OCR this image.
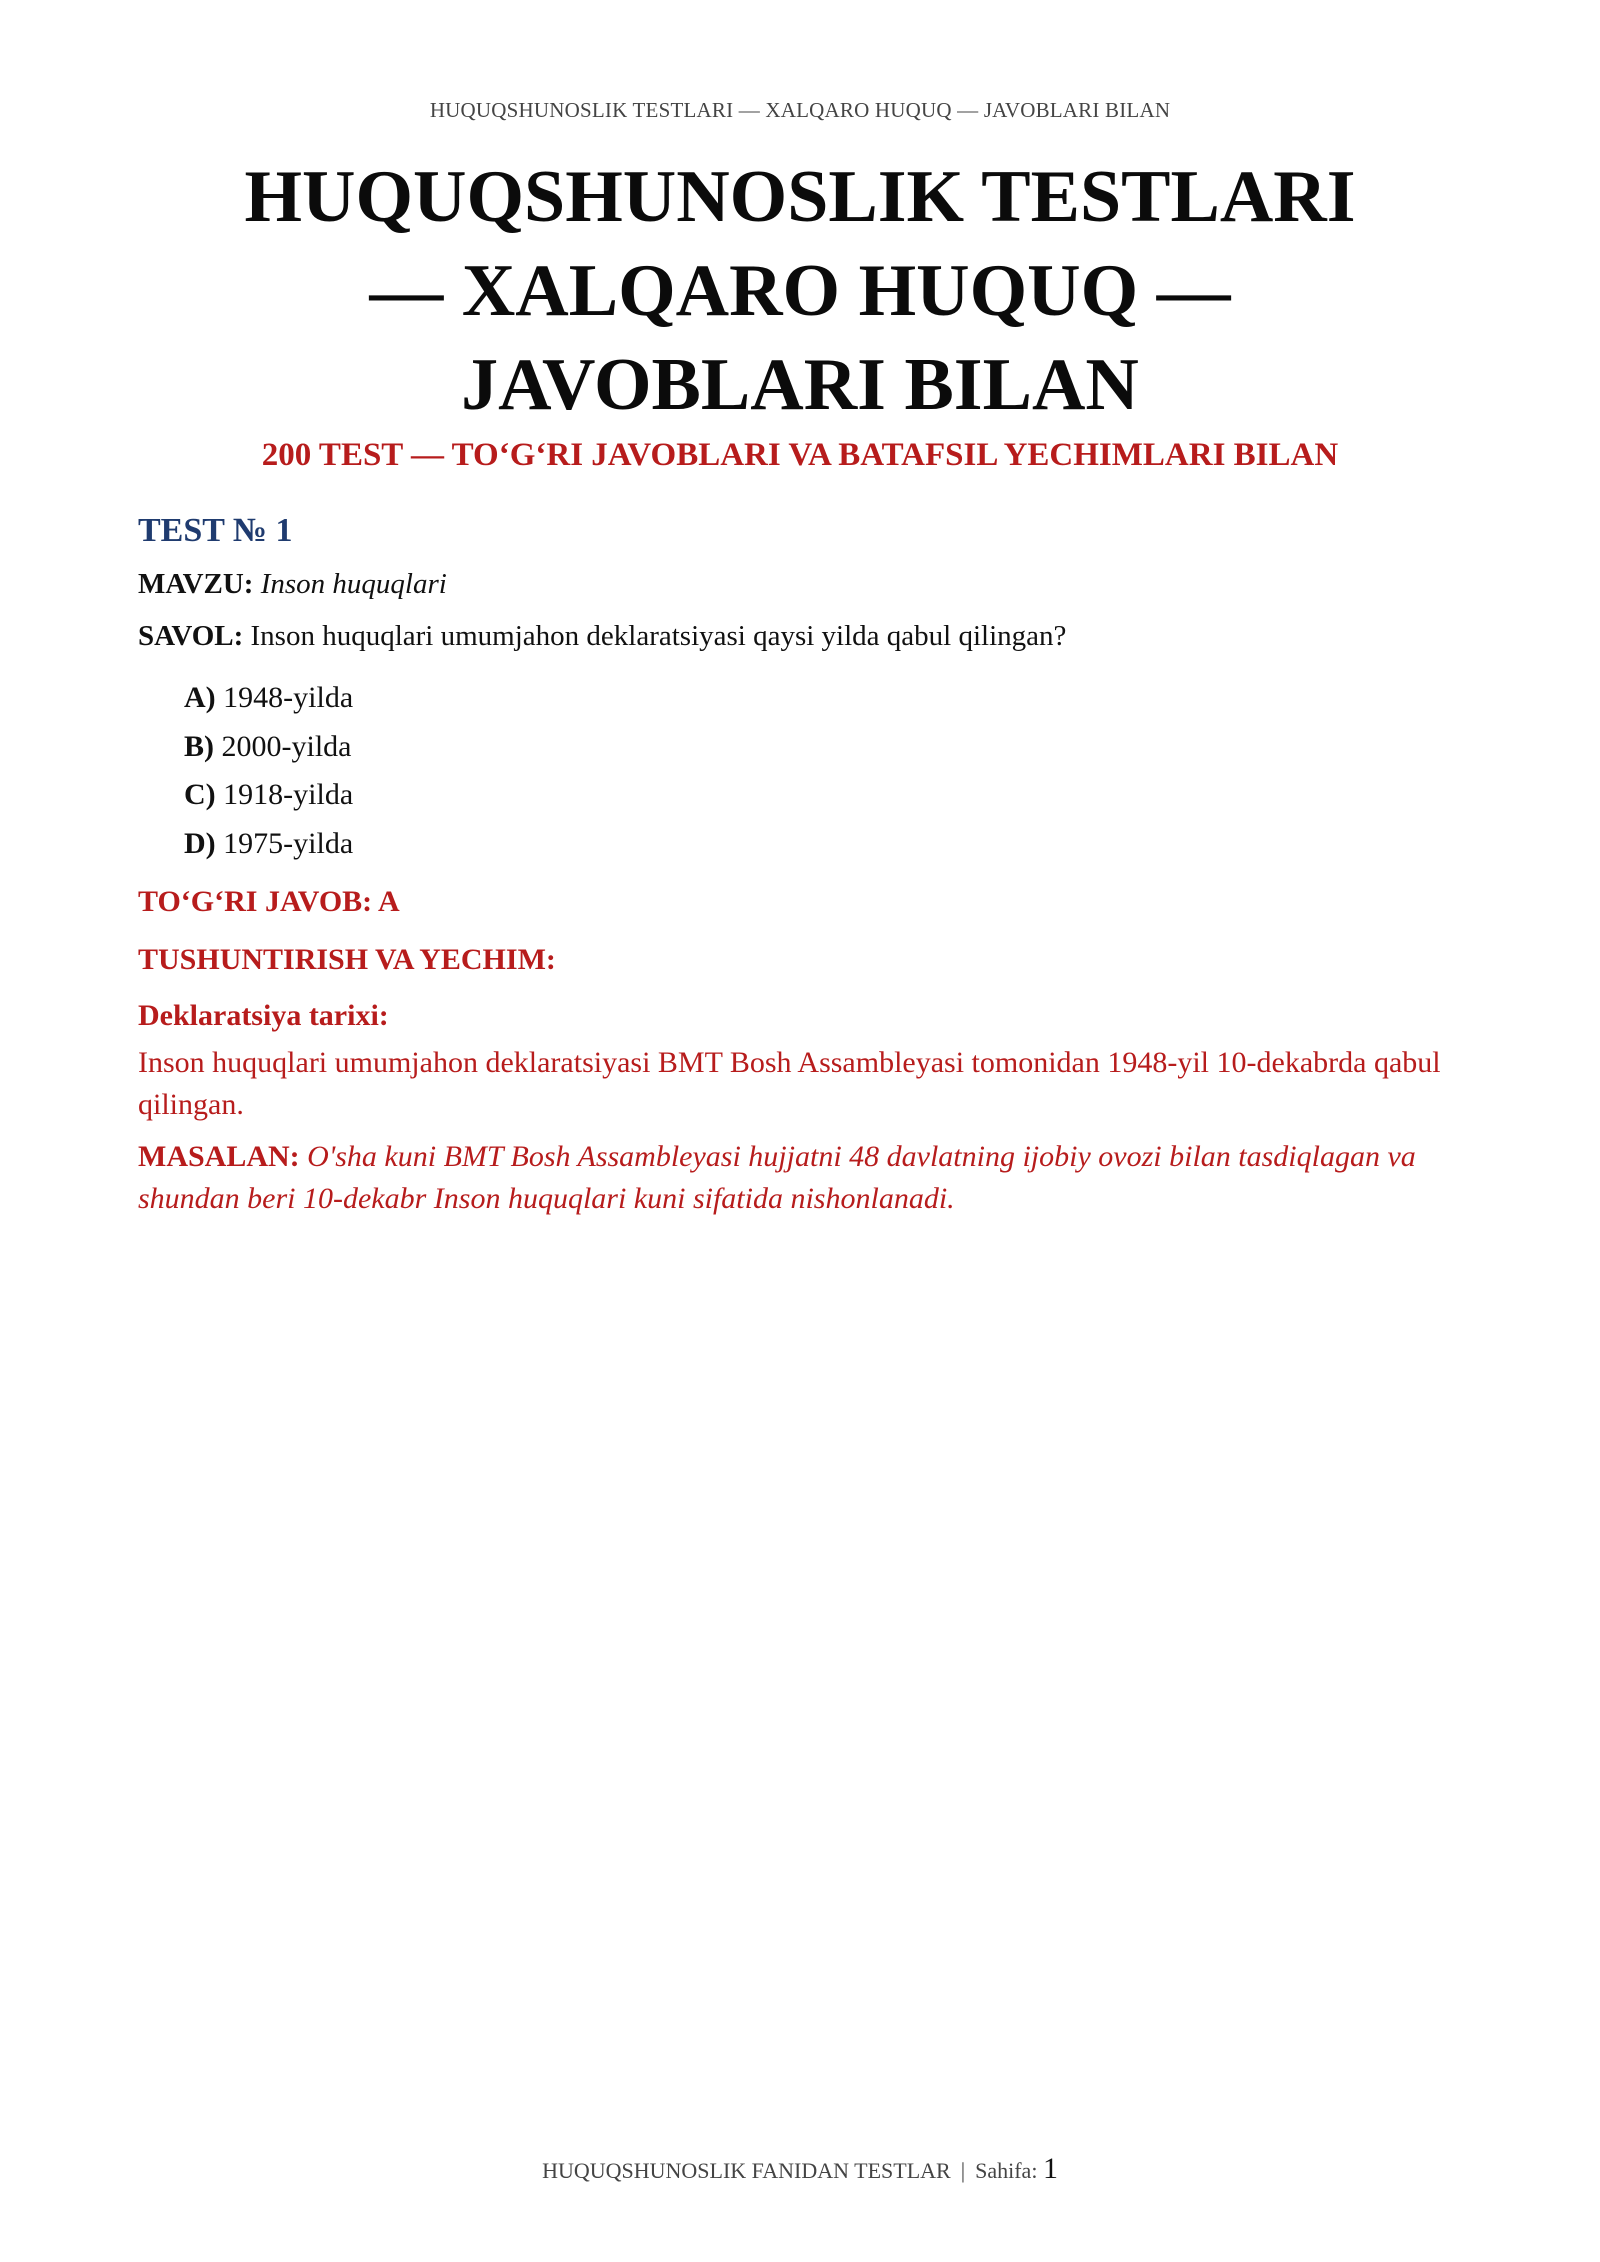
HUQUQSHUNOSLIK TESTLARI — XALQARO HUQUQ — JAVOBLARI BILAN
HUQUQSHUNOSLIK TESTLARI — XALQARO HUQUQ — JAVOBLARI BILAN
200 TEST — TO‘G‘RI JAVOBLARI VA BATAFSIL YECHIMLARI BILAN
TEST № 1
MAVZU: Inson huquqlari
SAVOL: Inson huquqlari umumjahon deklaratsiyasi qaysi yilda qabul qilingan?
A) 1948-yilda
B) 2000-yilda
C) 1918-yilda
D) 1975-yilda
TO‘G‘RI JAVOB: A
TUSHUNTIRISH VA YECHIM:
Deklaratsiya tarixi:

Inson huquqlari umumjahon deklaratsiyasi BMT Bosh Assambleyasi tomonidan 1948-yil 10-dekabrda qabul qilingan.

MASALAN: O'sha kuni BMT Bosh Assambleyasi hujjatni 48 davlatning ijobiy ovozi bilan tasdiqlagan va shundan beri 10-dekabr Inson huquqlari kuni sifatida nishonlanadi.
HUQUQSHUNOSLIK FANIDAN TESTLAR | Sahifa: 1
